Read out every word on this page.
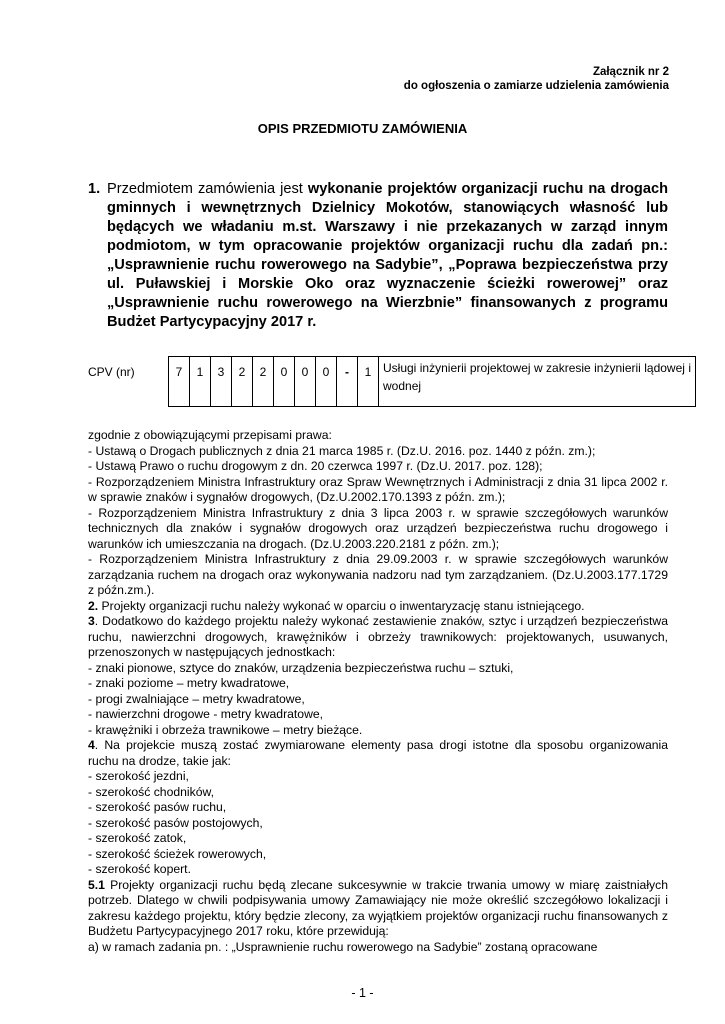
Załącznik nr 2
do ogłoszenia o zamiarze udzielenia zamówienia
OPIS PRZEDMIOTU ZAMÓWIENIA
1. Przedmiotem zamówienia jest wykonanie projektów organizacji ruchu na drogach gminnych i wewnętrznych Dzielnicy Mokotów, stanowiących własność lub będących we władaniu m.st. Warszawy i nie przekazanych w zarząd innym podmiotom, w tym opracowanie projektów organizacji ruchu dla zadań pn.: „Usprawnienie ruchu rowerowego na Sadybie”, „Poprawa bezpieczeństwa przy ul. Puławskiej i Morskie Oko oraz wyznaczenie ścieżki rowerowej” oraz „Usprawnienie ruchu rowerowego na Wierzbnie” finansowanych z programu Budżet Partycypacyjny 2017 r.
CPV (nr)	7	1	3	2	2	0	0	0	-	1	Usługi inżynierii projektowej w zakresie inżynierii lądowej i wodnej
zgodnie z obowiązującymi przepisami prawa:
- Ustawą o Drogach publicznych z dnia 21 marca 1985 r. (Dz.U. 2016. poz. 1440 z późn. zm.);
- Ustawą Prawo o ruchu drogowym z dn. 20 czerwca 1997 r. (Dz.U. 2017. poz. 128);
- Rozporządzeniem Ministra Infrastruktury oraz Spraw Wewnętrznych i Administracji z dnia 31 lipca 2002 r. w sprawie znaków i sygnałów drogowych, (Dz.U.2002.170.1393 z późn. zm.);
- Rozporządzeniem Ministra Infrastruktury z dnia 3 lipca 2003 r. w sprawie szczegółowych warunków technicznych dla znaków i sygnałów drogowych oraz urządzeń bezpieczeństwa ruchu drogowego i warunków ich umieszczania na drogach. (Dz.U.2003.220.2181 z późn. zm.);
- Rozporządzeniem Ministra Infrastruktury z dnia 29.09.2003 r. w sprawie szczegółowych warunków zarządzania ruchem na drogach oraz wykonywania nadzoru nad tym zarządzaniem. (Dz.U.2003.177.1729 z późn.zm.).
2. Projekty organizacji ruchu należy wykonać w oparciu o inwentaryzację stanu istniejącego.
3. Dodatkowo do każdego projektu należy wykonać zestawienie znaków, sztyc i urządzeń bezpieczeństwa ruchu, nawierzchni drogowych, krawężników i obrzeży trawnikowych: projektowanych, usuwanych, przenoszonych w następujących jednostkach:
- znaki pionowe, sztyce do znaków, urządzenia bezpieczeństwa ruchu – sztuki,
- znaki poziome – metry kwadratowe,
- progi zwalniające – metry kwadratowe,
- nawierzchni drogowe - metry kwadratowe,
- krawężniki i obrzeża trawnikowe – metry bieżące.
4. Na projekcie muszą zostać zwymiarowane elementy pasa drogi istotne dla sposobu organizowania ruchu na drodze, takie jak:
- szerokość jezdni,
- szerokość chodników,
- szerokość pasów ruchu,
- szerokość pasów postojowych,
- szerokość zatok,
- szerokość ścieżek rowerowych,
- szerokość kopert.
5.1 Projekty organizacji ruchu będą zlecane sukcesywnie w trakcie trwania umowy w miarę zaistniałych potrzeb. Dlatego w chwili podpisywania umowy Zamawiający nie może określić szczegółowo lokalizacji i zakresu każdego projektu, który będzie zlecony, za wyjątkiem projektów organizacji ruchu finansowanych z Budżetu Partycypacyjnego 2017 roku, które przewidują:
a) w ramach zadania pn. : „Usprawnienie ruchu rowerowego na Sadybie” zostaną opracowane
- 1 -
